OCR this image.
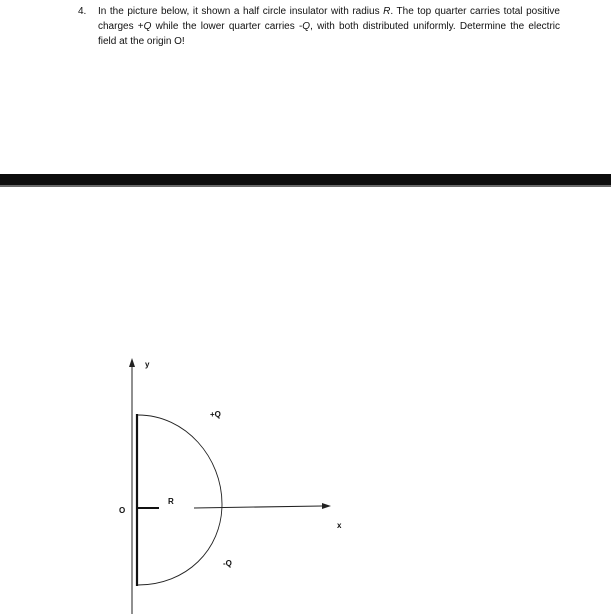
4.	In the picture below, it shown a half circle insulator with radius R. The top quarter carries total positive charges +Q while the lower quarter carries -Q, with both distributed uniformly. Determine the electric field at the origin O!
y
+Q
R
O
x
-Q
